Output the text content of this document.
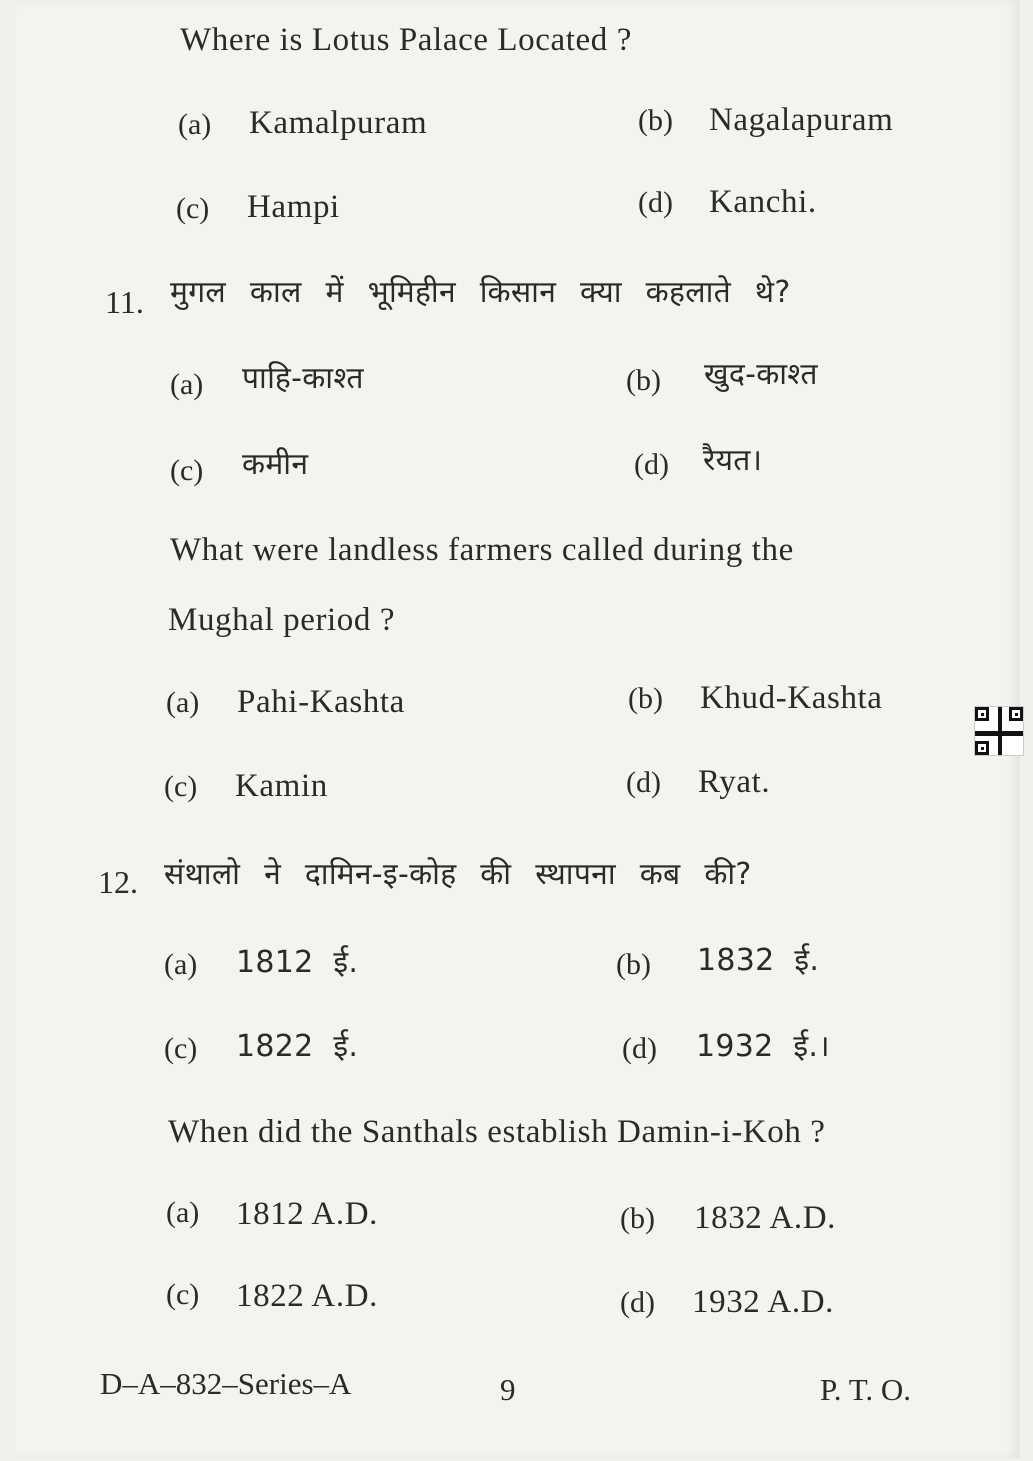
Where is Lotus Palace Located ?
(a) Kamalpuram	(b) Nagalapuram
(c) Hampi	(d) Kanchi.
11. मुगल काल में भूमिहीन किसान क्या कहलाते थे?
(a) पाहि-काश्त	(b) खुद-काश्त
(c) कमीन	(d) रैयत।
What were landless farmers called during the
Mughal period ?
(a) Pahi-Kashta	(b) Khud-Kashta
(c) Kamin	(d) Ryat.
12. संथालो ने दामिन-इ-कोह की स्थापना कब की?
(a) 1812 ई.	(b) 1832 ई.
(c) 1822 ई.	(d) 1932 ई.।
When did the Santhals establish Damin-i-Koh ?
(a) 1812 A.D.	(b) 1832 A.D.
(c) 1822 A.D.	(d) 1932 A.D.
D–A–832–Series–A	9	P. T. O.
